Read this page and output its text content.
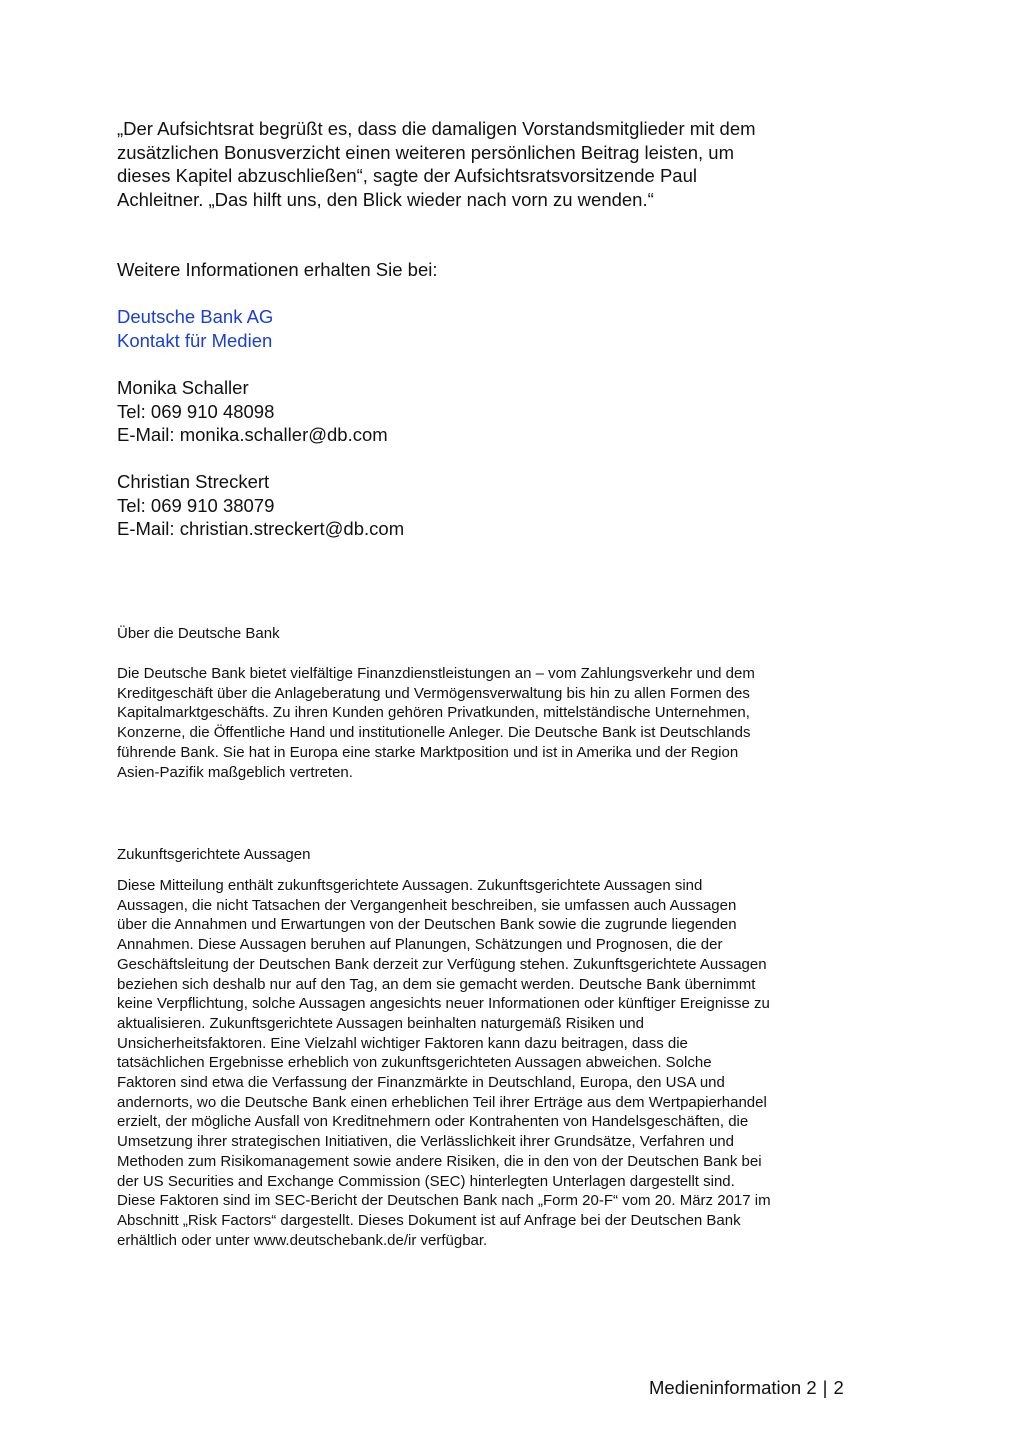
„Der Aufsichtsrat begrüßt es, dass die damaligen Vorstandsmitglieder mit dem
zusätzlichen Bonusverzicht einen weiteren persönlichen Beitrag leisten, um
dieses Kapitel abzuschließen“, sagte der Aufsichtsratsvorsitzende Paul
Achleitner. „Das hilft uns, den Blick wieder nach vorn zu wenden.“
Weitere Informationen erhalten Sie bei:
Deutsche Bank AG
Kontakt für Medien
Monika Schaller
Tel: 069 910 48098
E-Mail: monika.schaller@db.com
Christian Streckert
Tel: 069 910 38079
E-Mail: christian.streckert@db.com
Über die Deutsche Bank
Die Deutsche Bank bietet vielfältige Finanzdienstleistungen an – vom Zahlungsverkehr und dem
Kreditgeschäft über die Anlageberatung und Vermögensverwaltung bis hin zu allen Formen des
Kapitalmarktgeschäfts. Zu ihren Kunden gehören Privatkunden, mittelständische Unternehmen,
Konzerne, die Öffentliche Hand und institutionelle Anleger. Die Deutsche Bank ist Deutschlands
führende Bank. Sie hat in Europa eine starke Marktposition und ist in Amerika und der Region
Asien-Pazifik maßgeblich vertreten.
Zukunftsgerichtete Aussagen
Diese Mitteilung enthält zukunftsgerichtete Aussagen. Zukunftsgerichtete Aussagen sind
Aussagen, die nicht Tatsachen der Vergangenheit beschreiben, sie umfassen auch Aussagen
über die Annahmen und Erwartungen von der Deutschen Bank sowie die zugrunde liegenden
Annahmen. Diese Aussagen beruhen auf Planungen, Schätzungen und Prognosen, die der
Geschäftsleitung der Deutschen Bank derzeit zur Verfügung stehen. Zukunftsgerichtete Aussagen
beziehen sich deshalb nur auf den Tag, an dem sie gemacht werden. Deutsche Bank übernimmt
keine Verpflichtung, solche Aussagen angesichts neuer Informationen oder künftiger Ereignisse zu
aktualisieren. Zukunftsgerichtete Aussagen beinhalten naturgemäß Risiken und
Unsicherheitsfaktoren. Eine Vielzahl wichtiger Faktoren kann dazu beitragen, dass die
tatsächlichen Ergebnisse erheblich von zukunftsgerichteten Aussagen abweichen. Solche
Faktoren sind etwa die Verfassung der Finanzmärkte in Deutschland, Europa, den USA und
andernorts, wo die Deutsche Bank einen erheblichen Teil ihrer Erträge aus dem Wertpapierhandel
erzielt, der mögliche Ausfall von Kreditnehmern oder Kontrahenten von Handelsgeschäften, die
Umsetzung ihrer strategischen Initiativen, die Verlässlichkeit ihrer Grundsätze, Verfahren und
Methoden zum Risikomanagement sowie andere Risiken, die in den von der Deutschen Bank bei
der US Securities and Exchange Commission (SEC) hinterlegten Unterlagen dargestellt sind.
Diese Faktoren sind im SEC-Bericht der Deutschen Bank nach „Form 20-F“ vom 20. März 2017 im
Abschnitt „Risk Factors“ dargestellt. Dieses Dokument ist auf Anfrage bei der Deutschen Bank
erhältlich oder unter www.deutschebank.de/ir verfügbar.
Medieninformation 2 | 2
